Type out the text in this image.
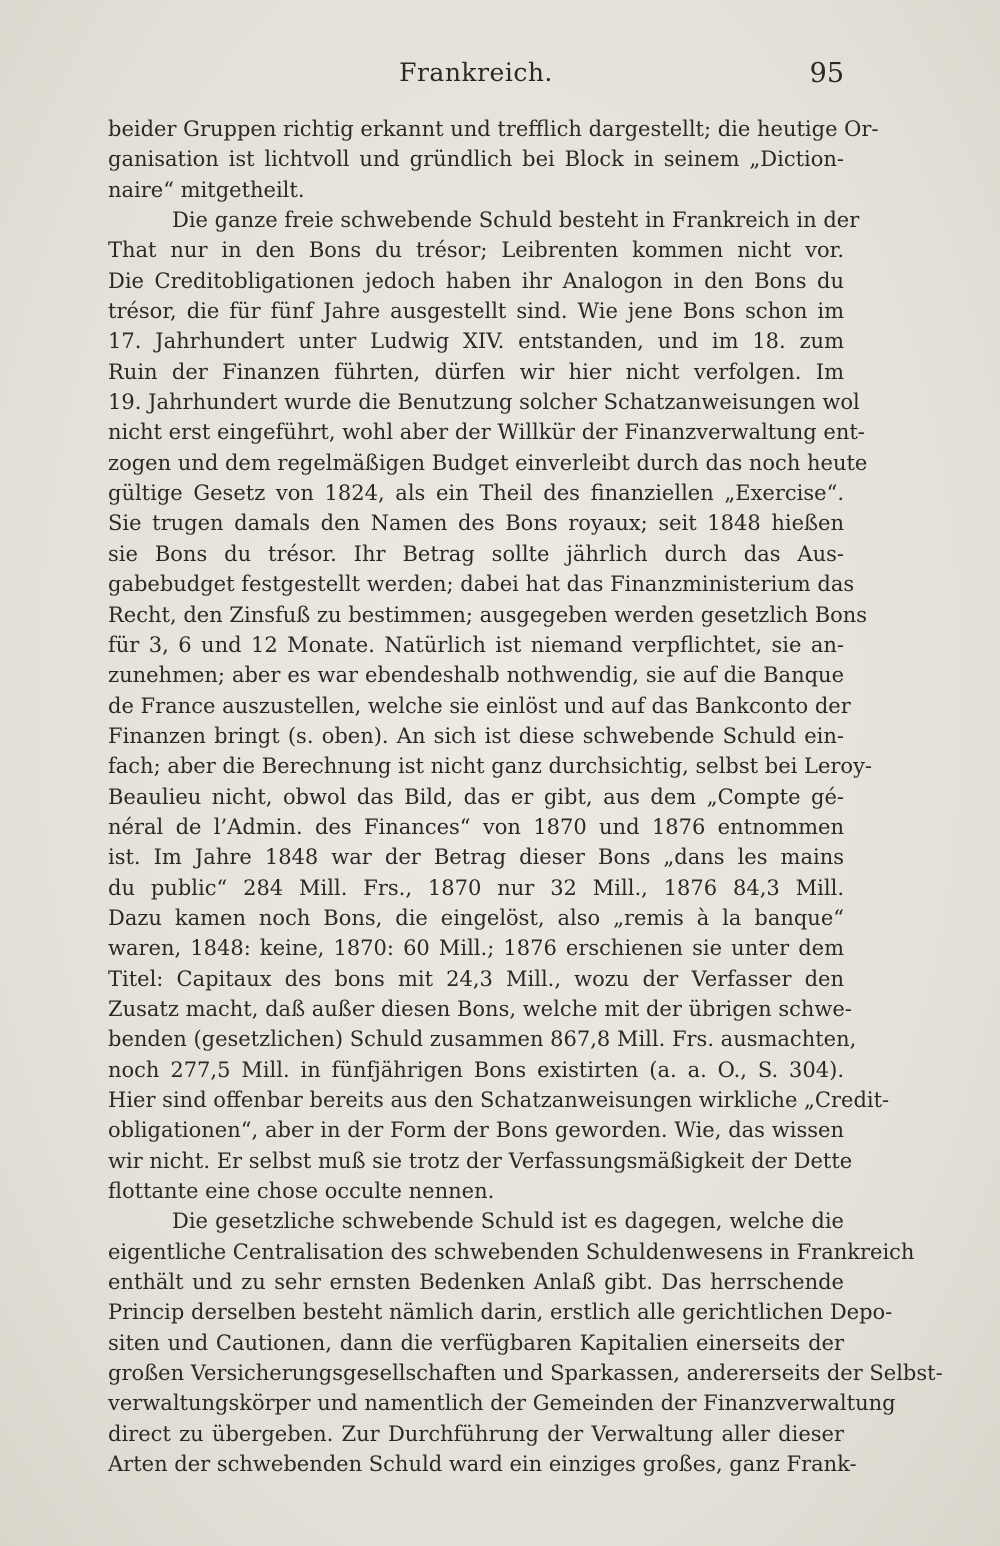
Frankreich.	95
beider Gruppen richtig erkannt und trefflich dargestellt; die heutige Or-
ganisation ist lichtvoll und gründlich bei Block in seinem „Diction-
naire“ mitgetheilt.
Die ganze freie schwebende Schuld besteht in Frankreich in der
That nur in den Bons du trésor; Leibrenten kommen nicht vor.
Die Creditobligationen jedoch haben ihr Analogon in den Bons du
trésor, die für fünf Jahre ausgestellt sind. Wie jene Bons schon im
17. Jahrhundert unter Ludwig XIV. entstanden, und im 18. zum
Ruin der Finanzen führten, dürfen wir hier nicht verfolgen. Im
19. Jahrhundert wurde die Benutzung solcher Schatzanweisungen wol
nicht erst eingeführt, wohl aber der Willkür der Finanzverwaltung ent-
zogen und dem regelmäßigen Budget einverleibt durch das noch heute
gültige Gesetz von 1824, als ein Theil des finanziellen „Exercise“.
Sie trugen damals den Namen des Bons royaux; seit 1848 hießen
sie Bons du trésor. Ihr Betrag sollte jährlich durch das Aus-
gabebudget festgestellt werden; dabei hat das Finanzministerium das
Recht, den Zinsfuß zu bestimmen; ausgegeben werden gesetzlich Bons
für 3, 6 und 12 Monate. Natürlich ist niemand verpflichtet, sie an-
zunehmen; aber es war ebendeshalb nothwendig, sie auf die Banque
de France auszustellen, welche sie einlöst und auf das Bankconto der
Finanzen bringt (s. oben). An sich ist diese schwebende Schuld ein-
fach; aber die Berechnung ist nicht ganz durchsichtig, selbst bei Leroy-
Beaulieu nicht, obwol das Bild, das er gibt, aus dem „Compte gé-
néral de l’Admin. des Finances“ von 1870 und 1876 entnommen
ist. Im Jahre 1848 war der Betrag dieser Bons „dans les mains
du public“ 284 Mill. Frs., 1870 nur 32 Mill., 1876 84,3 Mill.
Dazu kamen noch Bons, die eingelöst, also „remis à la banque“
waren, 1848: keine, 1870: 60 Mill.; 1876 erschienen sie unter dem
Titel: Capitaux des bons mit 24,3 Mill., wozu der Verfasser den
Zusatz macht, daß außer diesen Bons, welche mit der übrigen schwe-
benden (gesetzlichen) Schuld zusammen 867,8 Mill. Frs. ausmachten,
noch 277,5 Mill. in fünfjährigen Bons existirten (a. a. O., S. 304).
Hier sind offenbar bereits aus den Schatzanweisungen wirkliche „Credit-
obligationen“, aber in der Form der Bons geworden. Wie, das wissen
wir nicht. Er selbst muß sie trotz der Verfassungsmäßigkeit der Dette
flottante eine chose occulte nennen.
Die gesetzliche schwebende Schuld ist es dagegen, welche die
eigentliche Centralisation des schwebenden Schuldenwesens in Frankreich
enthält und zu sehr ernsten Bedenken Anlaß gibt. Das herrschende
Princip derselben besteht nämlich darin, erstlich alle gerichtlichen Depo-
siten und Cautionen, dann die verfügbaren Kapitalien einerseits der
großen Versicherungsgesellschaften und Sparkassen, andererseits der Selbst-
verwaltungskörper und namentlich der Gemeinden der Finanzverwaltung
direct zu übergeben. Zur Durchführung der Verwaltung aller dieser
Arten der schwebenden Schuld ward ein einziges großes, ganz Frank-
